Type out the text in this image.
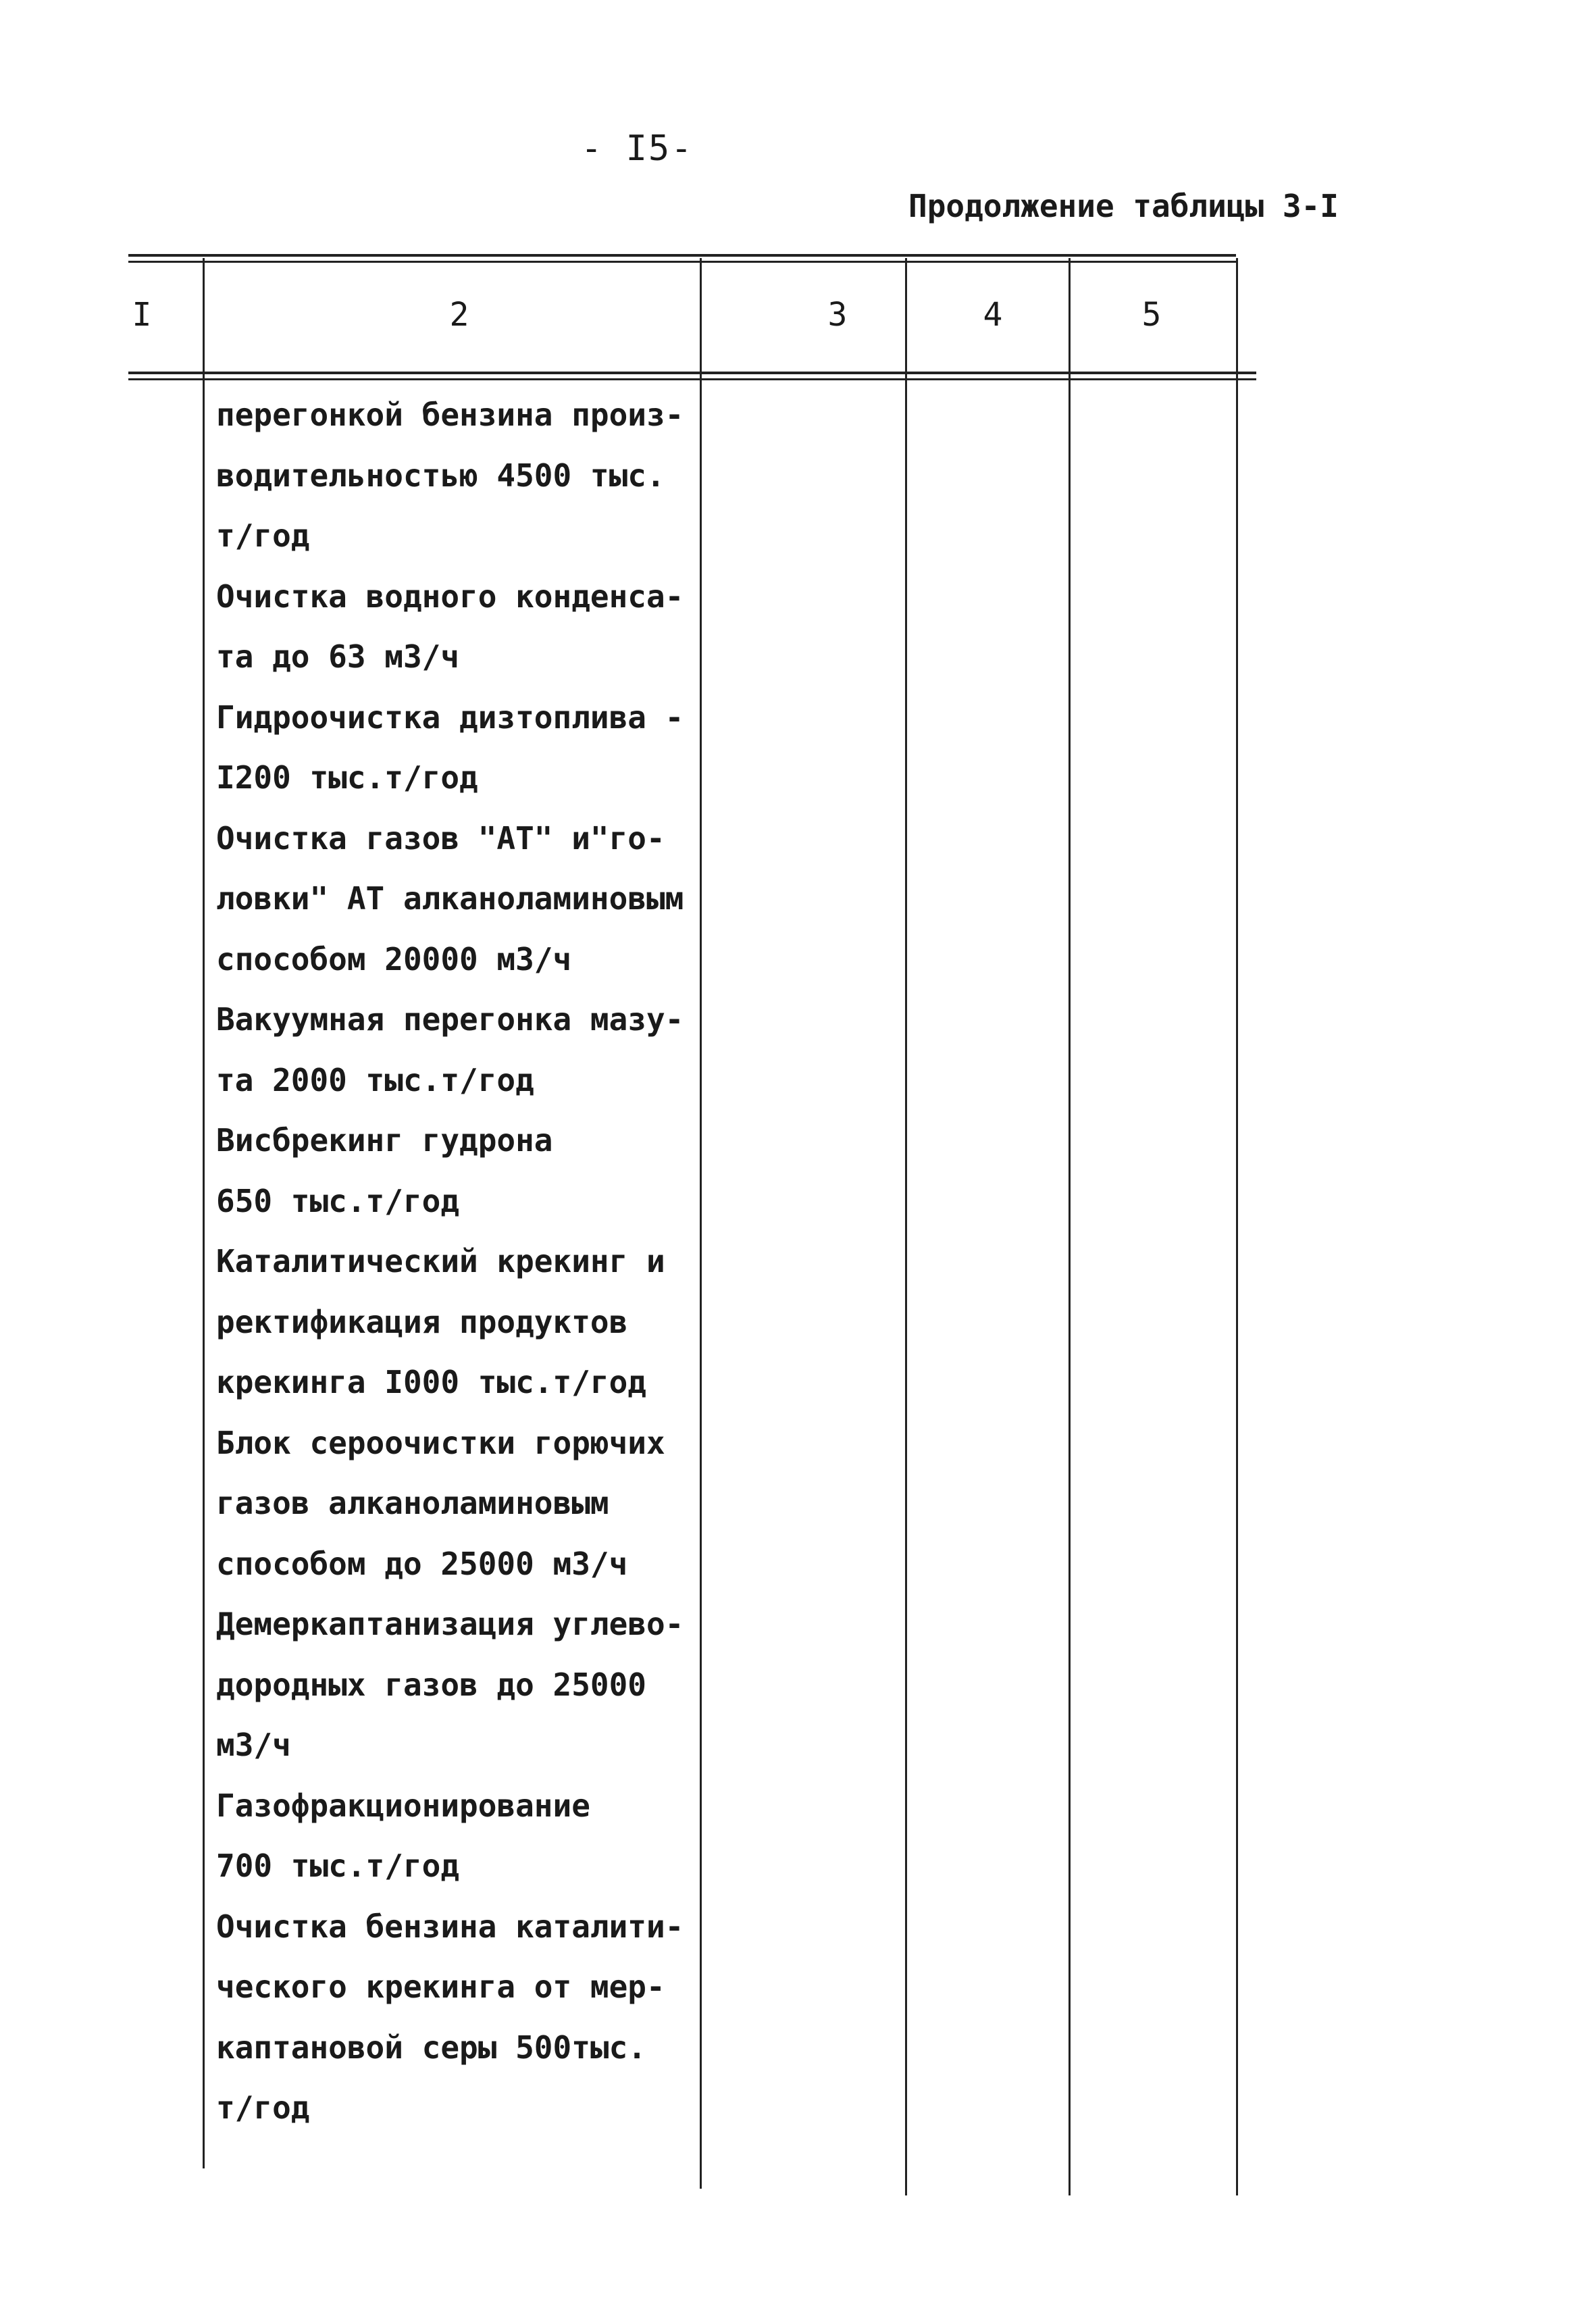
- I5-
Продолжение таблицы 3-I
I	2	3	4	5
перегонкой бензина произ-
водительностью 4500 тыс.
т/год
Очистка водного конденса-
та до 63 м3/ч
Гидроочистка дизтоплива -
I200 тыс.т/год
Очистка газов "АТ" и"го-
ловки" АТ алканоламиновым
способом 20000 м3/ч
Вакуумная перегонка мазу-
та 2000 тыс.т/год
Висбрекинг гудрона
650 тыс.т/год
Каталитический крекинг и
ректификация продуктов
крекинга I000 тыс.т/год
Блок сероочистки горючих
газов алканоламиновым
способом до 25000 м3/ч
Демеркаптанизация углево-
дородных газов до 25000
м3/ч
Газофракционирование
700 тыс.т/год
Очистка бензина каталити-
ческого крекинга от мер-
каптановой серы 500тыс.
т/год
